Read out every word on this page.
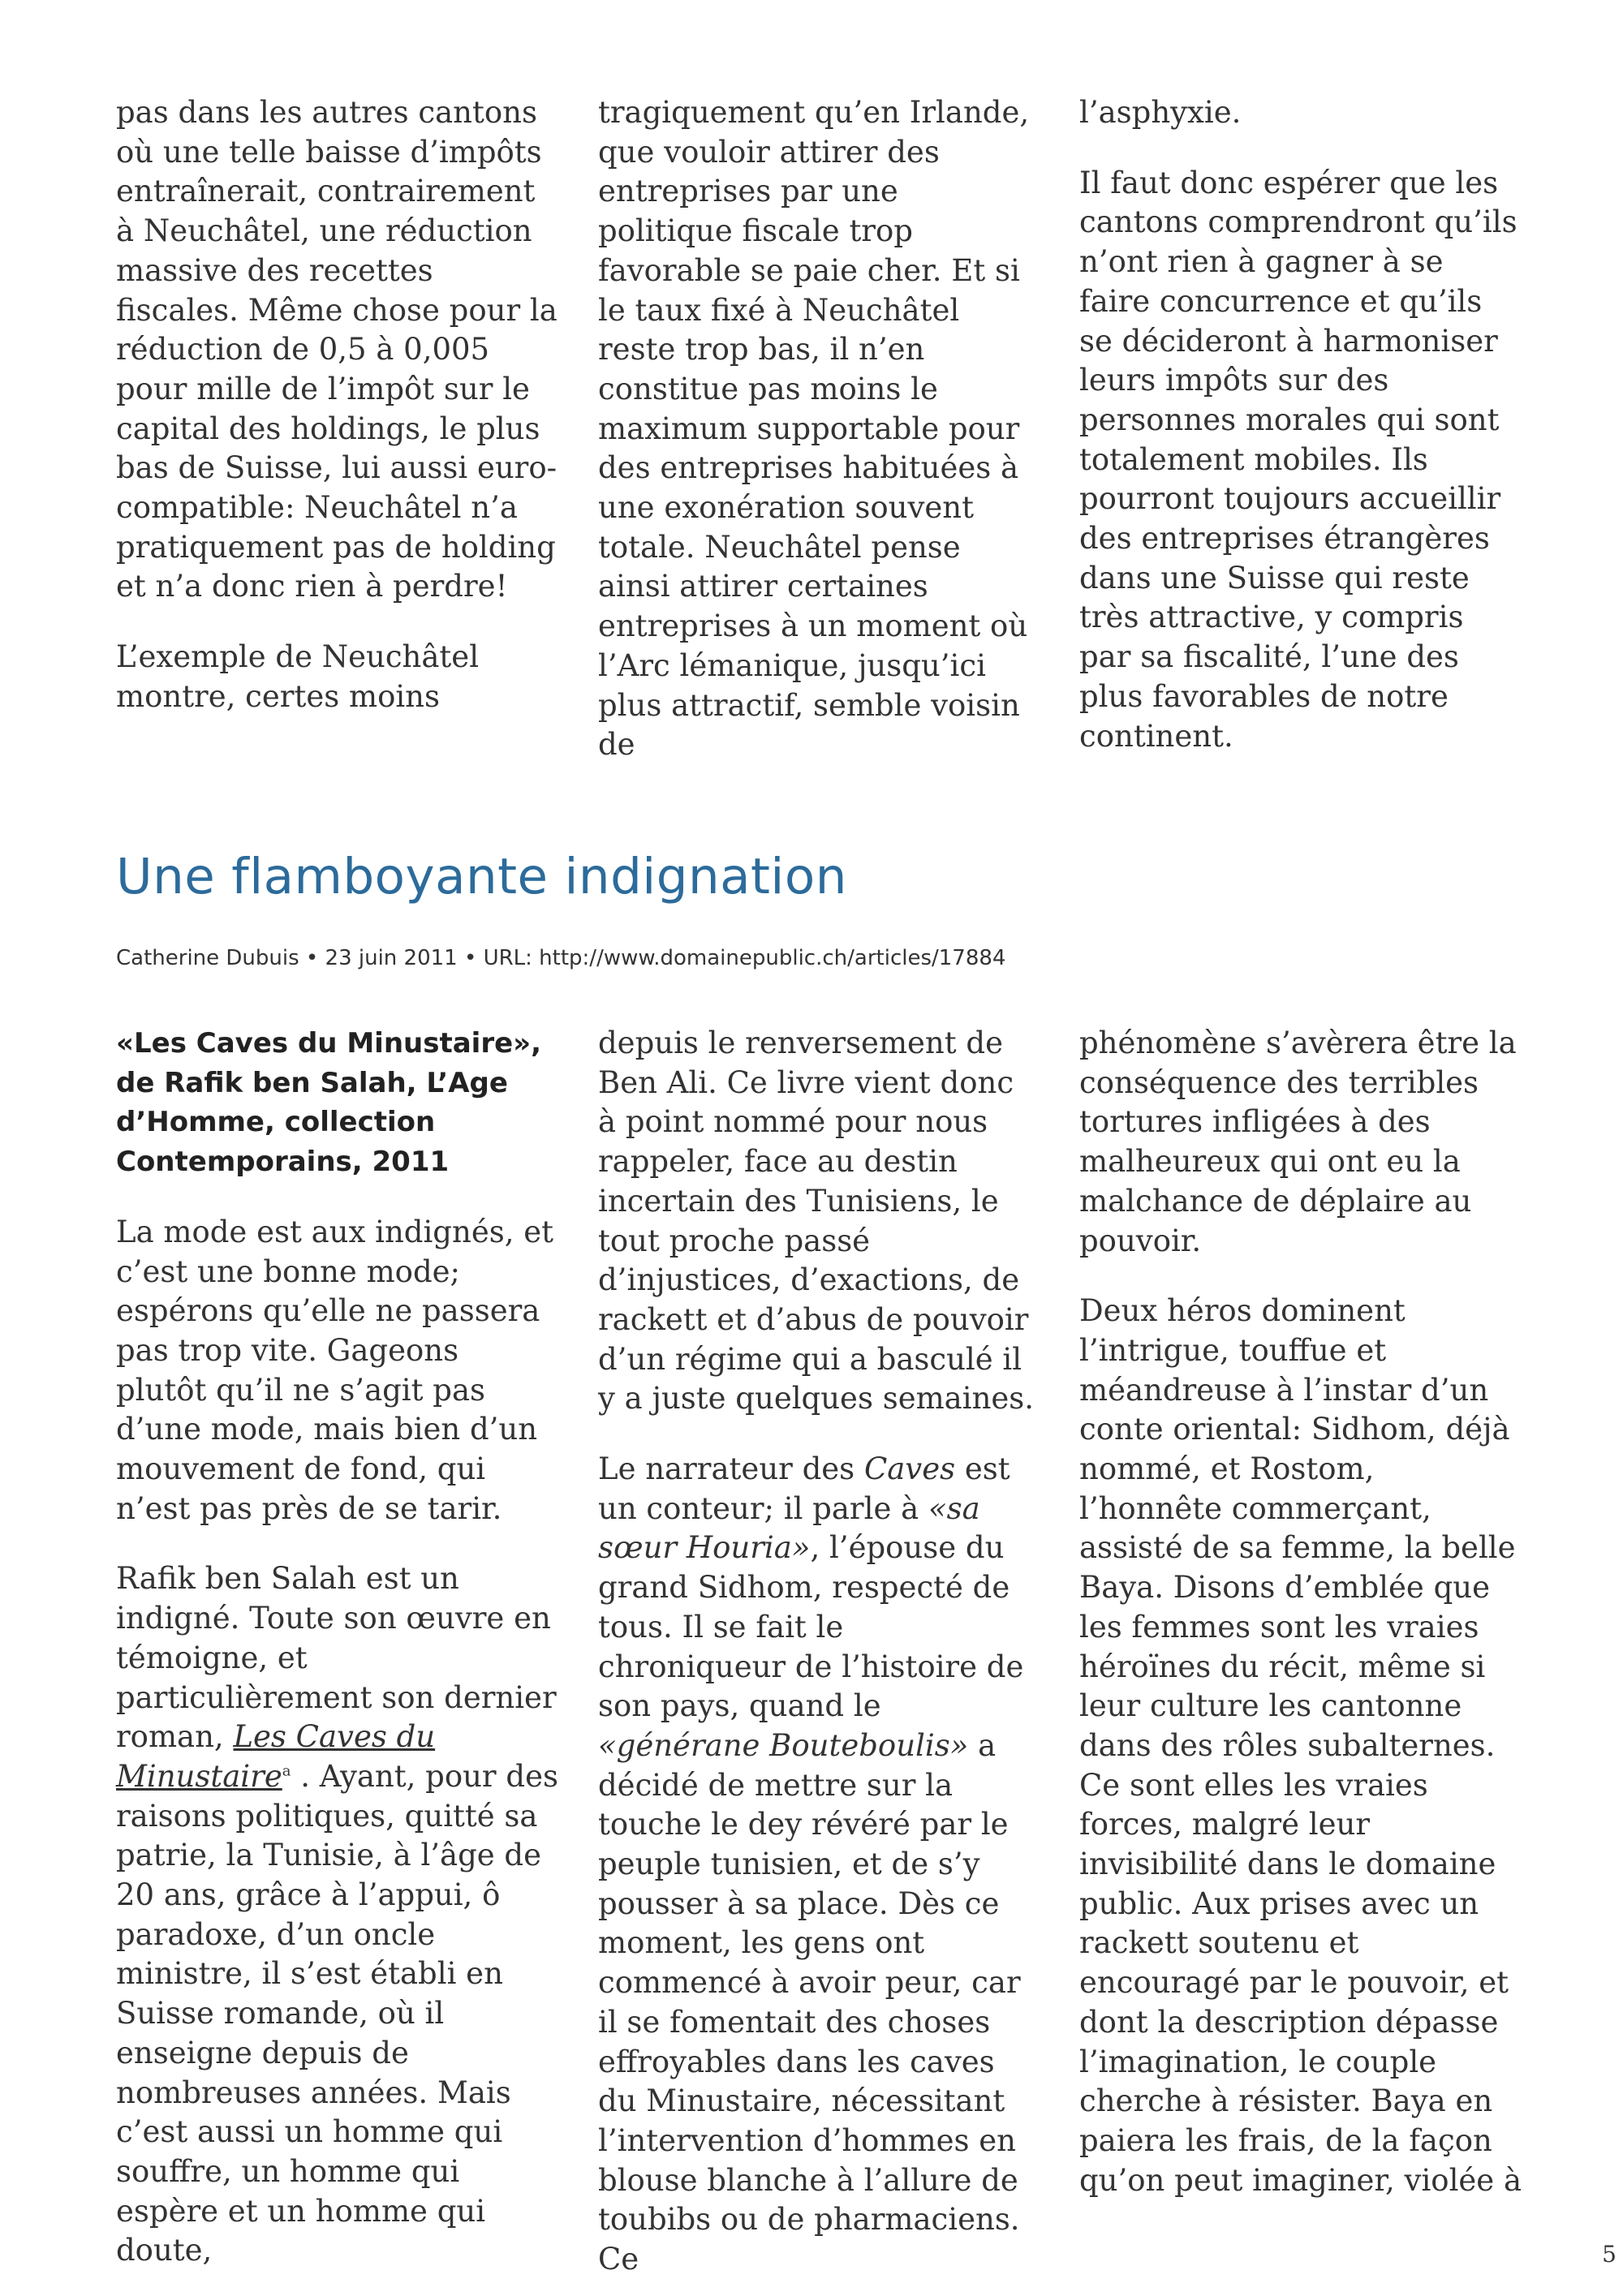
pas dans les autres cantons où une telle baisse d’impôts entraînerait, contrairement à Neuchâtel, une réduction massive des recettes fiscales. Même chose pour la réduction de 0,5 à 0,005 pour mille de l’impôt sur le capital des holdings, le plus bas de Suisse, lui aussi euro-compatible: Neuchâtel n’a pratiquement pas de holding et n’a donc rien à perdre!

L’exemple de Neuchâtel montre, certes moins

tragiquement qu’en Irlande, que vouloir attirer des entreprises par une politique fiscale trop favorable se paie cher. Et si le taux fixé à Neuchâtel reste trop bas, il n’en constitue pas moins le maximum supportable pour des entreprises habituées à une exonération souvent totale. Neuchâtel pense ainsi attirer certaines entreprises à un moment où l’Arc lémanique, jusqu’ici plus attractif, semble voisin de

l’asphyxie.

Il faut donc espérer que les cantons comprendront qu’ils n’ont rien à gagner à se faire concurrence et qu’ils se décideront à harmoniser leurs impôts sur des personnes morales qui sont totalement mobiles. Ils pourront toujours accueillir des entreprises étrangères dans une Suisse qui reste très attractive, y compris par sa fiscalité, l’une des plus favorables de notre continent.

Une flamboyante indignation
Catherine Dubuis • 23 juin 2011 • URL: http://www.domainepublic.ch/articles/17884

«Les Caves du Minustaire», de Rafik ben Salah, L’Age d’Homme, collection Contemporains, 2011

La mode est aux indignés, et c’est une bonne mode; espérons qu’elle ne passera pas trop vite. Gageons plutôt qu’il ne s’agit pas d’une mode, mais bien d’un mouvement de fond, qui n’est pas près de se tarir.

Rafik ben Salah est un indigné. Toute son œuvre en témoigne, et particulièrement son dernier roman, Les Caves du Minustaire$^a$ . Ayant, pour des raisons politiques, quitté sa patrie, la Tunisie, à l’âge de 20 ans, grâce à l’appui, ô paradoxe, d’un oncle ministre, il s’est établi en Suisse romande, où il enseigne depuis de nombreuses années. Mais c’est aussi un homme qui souffre, un homme qui espère et un homme qui doute,

depuis le renversement de Ben Ali. Ce livre vient donc à point nommé pour nous rappeler, face au destin incertain des Tunisiens, le tout proche passé d’injustices, d’exactions, de rackett et d’abus de pouvoir d’un régime qui a basculé il y a juste quelques semaines.

Le narrateur des Caves est un conteur; il parle à «sa sœur Houria», l’épouse du grand Sidhom, respecté de tous. Il se fait le chroniqueur de l’histoire de son pays, quand le «générane Bouteboulis» a décidé de mettre sur la touche le dey révéré par le peuple tunisien, et de s’y pousser à sa place. Dès ce moment, les gens ont commencé à avoir peur, car il se fomentait des choses effroyables dans les caves du Minustaire, nécessitant l’intervention d’hommes en blouse blanche à l’allure de toubibs ou de pharmaciens. Ce

phénomène s’avèrera être la conséquence des terribles tortures infligées à des malheureux qui ont eu la malchance de déplaire au pouvoir.

Deux héros dominent l’intrigue, touffue et méandreuse à l’instar d’un conte oriental: Sidhom, déjà nommé, et Rostom, l’honnête commerçant, assisté de sa femme, la belle Baya. Disons d’emblée que les femmes sont les vraies héroïnes du récit, même si leur culture les cantonne dans des rôles subalternes. Ce sont elles les vraies forces, malgré leur invisibilité dans le domaine public. Aux prises avec un rackett soutenu et encouragé par le pouvoir, et dont la description dépasse l’imagination, le couple cherche à résister. Baya en paiera les frais, de la façon qu’on peut imaginer, violée à

5
